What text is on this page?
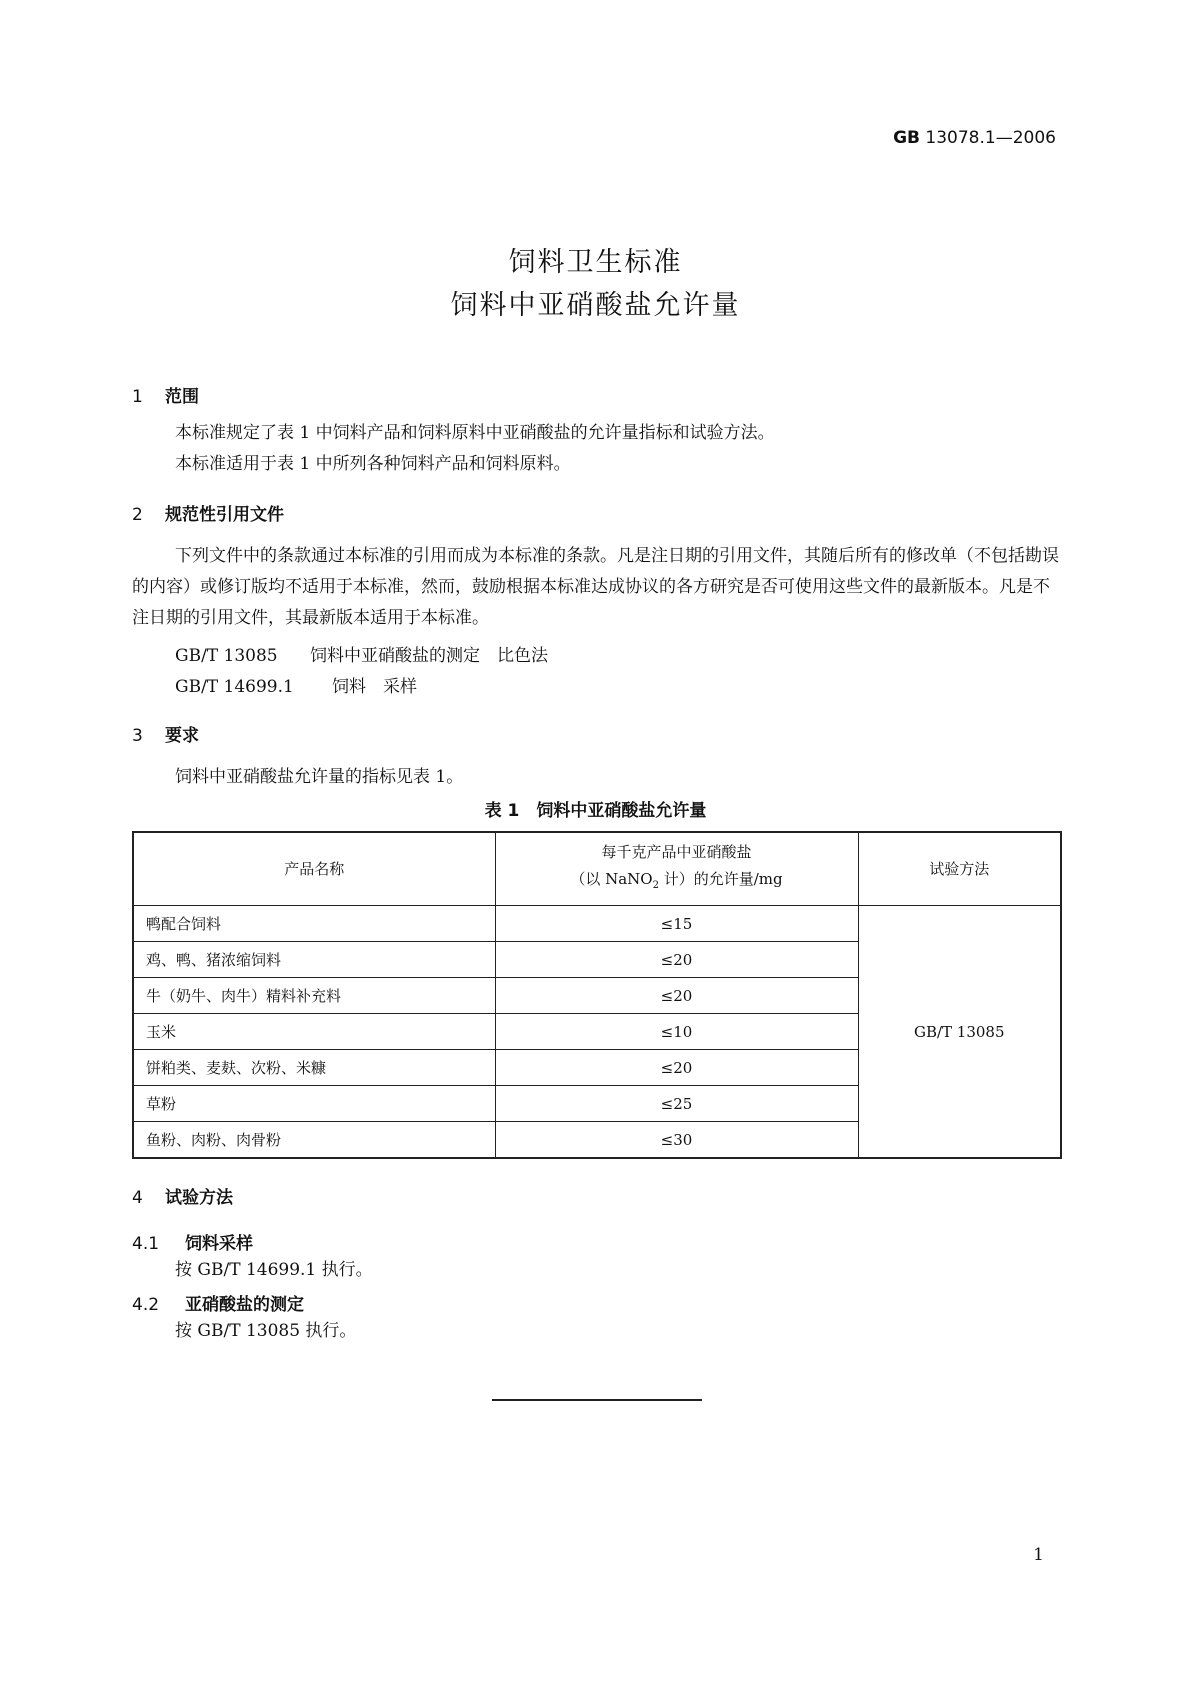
GB 13078.1—2006
饲料卫生标准
饲料中亚硝酸盐允许量
1 范围
本标准规定了表 1 中饲料产品和饲料原料中亚硝酸盐的允许量指标和试验方法。
本标准适用于表 1 中所列各种饲料产品和饲料原料。
2 规范性引用文件
下列文件中的条款通过本标准的引用而成为本标准的条款。凡是注日期的引用文件，其随后所有的修改单（不包括勘误的内容）或修订版均不适用于本标准，然而，鼓励根据本标准达成协议的各方研究是否可使用这些文件的最新版本。凡是不注日期的引用文件，其最新版本适用于本标准。
GB/T 13085 饲料中亚硝酸盐的测定　比色法
GB/T 14699.1 饲料　采样
3 要求
饲料中亚硝酸盐允许量的指标见表 1。
表 1　饲料中亚硝酸盐允许量
产品名称	每千克产品中亚硝酸盐
（以 NaNO$_2$ 计）的允许量/mg	试验方法
鸭配合饲料	≤15	GB/T 13085
鸡、鸭、猪浓缩饲料	≤20	
牛（奶牛、肉牛）精料补充料	≤20	
玉米	≤10	
饼粕类、麦麸、次粉、米糠	≤20	
草粉	≤25	
鱼粉、肉粉、肉骨粉	≤30	
4 试验方法
4.1 饲料采样
按 GB/T 14699.1 执行。
4.2 亚硝酸盐的测定
按 GB/T 13085 执行。
1
